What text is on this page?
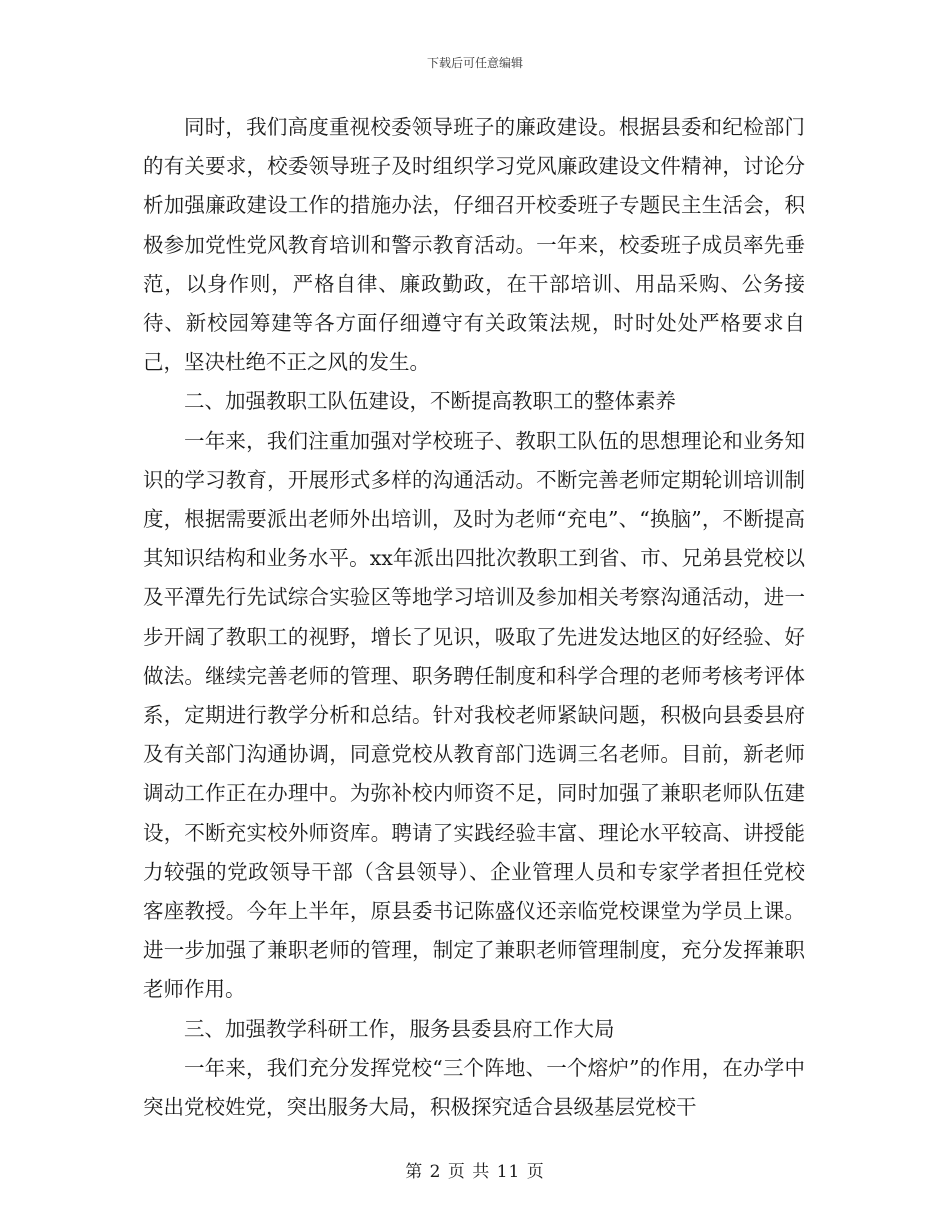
下载后可任意编辑

同时，我们高度重视校委领导班子的廉政建设。根据县委和纪检部门的有关要求，校委领导班子及时组织学习党风廉政建设文件精神，讨论分析加强廉政建设工作的措施办法，仔细召开校委班子专题民主生活会，积极参加党性党风教育培训和警示教育活动。一年来，校委班子成员率先垂范，以身作则，严格自律、廉政勤政，在干部培训、用品采购、公务接待、新校园筹建等各方面仔细遵守有关政策法规，时时处处严格要求自己，坚决杜绝不正之风的发生。

二、加强教职工队伍建设，不断提高教职工的整体素养

一年来，我们注重加强对学校班子、教职工队伍的思想理论和业务知识的学习教育，开展形式多样的沟通活动。不断完善老师定期轮训培训制度，根据需要派出老师外出培训，及时为老师“充电”、“换脑”，不断提高其知识结构和业务水平。xx年派出四批次教职工到省、市、兄弟县党校以及平潭先行先试综合实验区等地学习培训及参加相关考察沟通活动，进一步开阔了教职工的视野，增长了见识，吸取了先进发达地区的好经验、好做法。继续完善老师的管理、职务聘任制度和科学合理的老师考核考评体系，定期进行教学分析和总结。针对我校老师紧缺问题，积极向县委县府及有关部门沟通协调，同意党校从教育部门选调三名老师。目前，新老师调动工作正在办理中。为弥补校内师资不足，同时加强了兼职老师队伍建设，不断充实校外师资库。聘请了实践经验丰富、理论水平较高、讲授能力较强的党政领导干部（含县领导）、企业管理人员和专家学者担任党校客座教授。今年上半年，原县委书记陈盛仪还亲临党校课堂为学员上课。进一步加强了兼职老师的管理，制定了兼职老师管理制度，充分发挥兼职老师作用。

三、加强教学科研工作，服务县委县府工作大局

一年来，我们充分发挥党校“三个阵地、一个熔炉”的作用，在办学中突出党校姓党，突出服务大局，积极探究适合县级基层党校干

第 2 页 共 11 页
